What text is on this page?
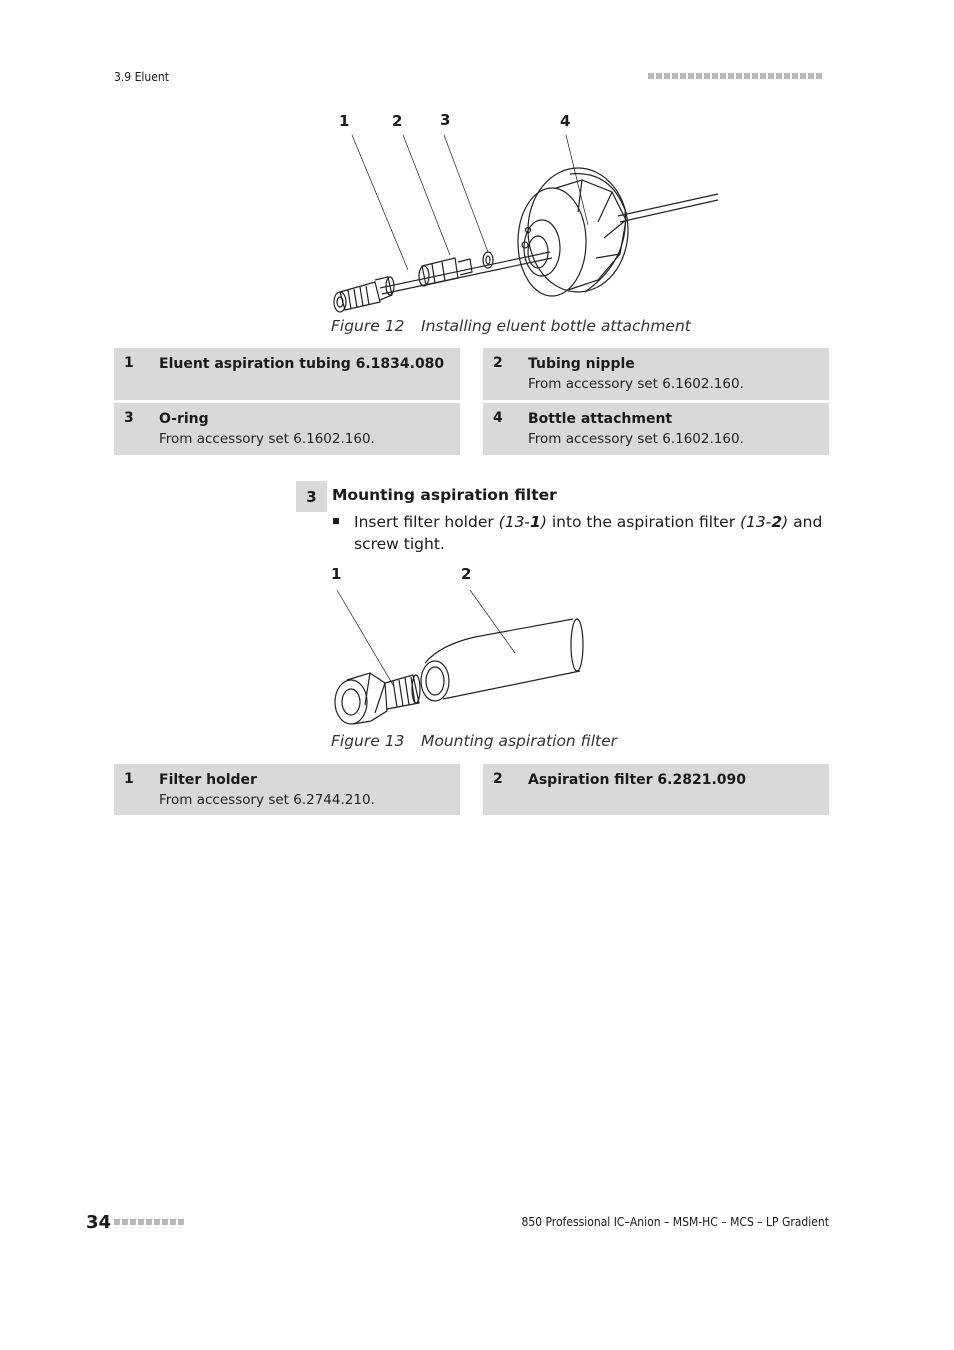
3.9 Eluent
1	2	3	4
Figure 12	Installing eluent bottle attachment
1 Eluent aspiration tubing 6.1834.080	2 Tubing nipple
From accessory set 6.1602.160.
3 O-ring
From accessory set 6.1602.160.
4 Bottle attachment
From accessory set 6.1602.160.
3 Mounting aspiration filter
Insert filter holder (13-1) into the aspiration filter (13-2) and screw tight.
1	2
Figure 13	Mounting aspiration filter
1 Filter holder
From accessory set 6.2744.210.
2 Aspiration filter 6.2821.090
34	850 Professional IC–Anion – MSM-HC – MCS – LP Gradient
